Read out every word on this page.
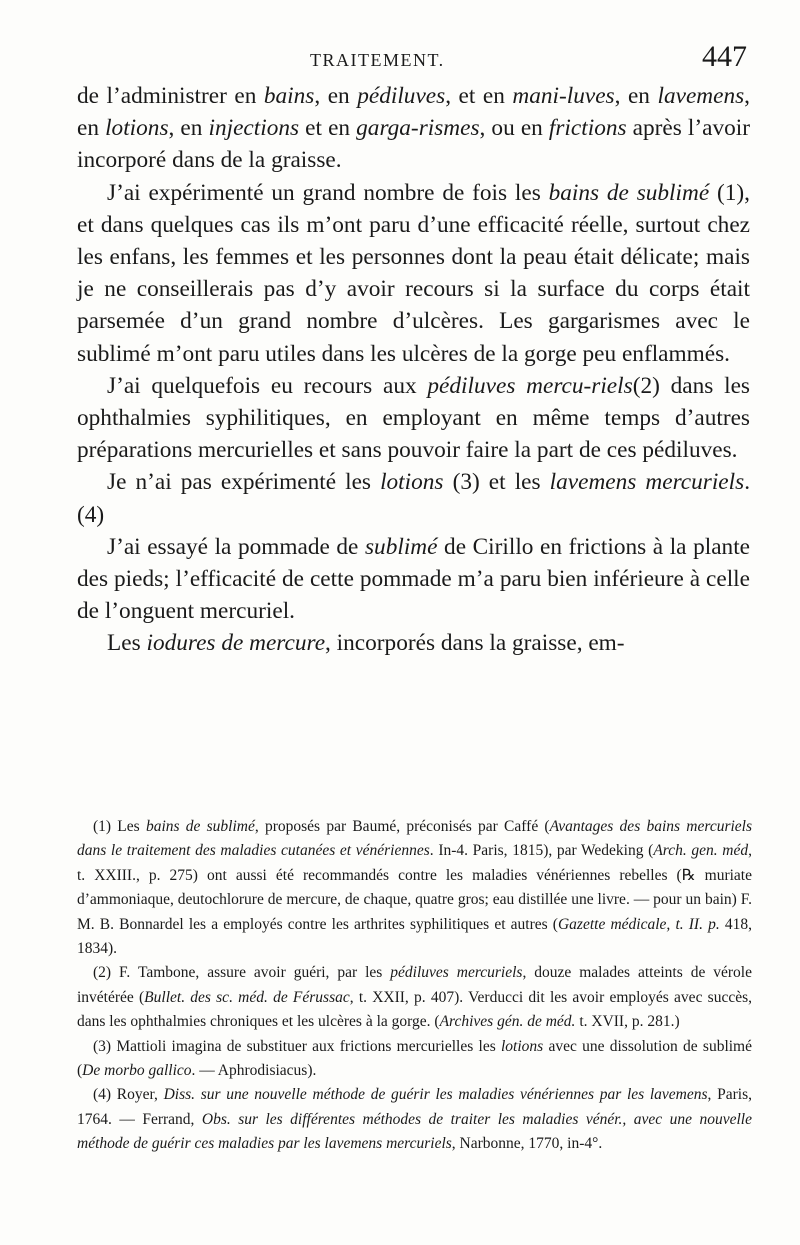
TRAITEMENT.	447

de l’administrer en bains, en pédiluves, et en mani-luves, en lavemens, en lotions, en injections et en garga-rismes, ou en frictions après l’avoir incorporé dans de la graisse.

J’ai expérimenté un grand nombre de fois les bains de sublimé (1), et dans quelques cas ils m’ont paru d’une efficacité réelle, surtout chez les enfans, les femmes et les personnes dont la peau était délicate; mais je ne conseillerais pas d’y avoir recours si la surface du corps était parsemée d’un grand nombre d’ulcères. Les gargarismes avec le sublimé m’ont paru utiles dans les ulcères de la gorge peu enflammés.

J’ai quelquefois eu recours aux pédiluves mercu-riels(2) dans les ophthalmies syphilitiques, en employant en même temps d’autres préparations mercurielles et sans pouvoir faire la part de ces pédiluves.

Je n’ai pas expérimenté les lotions (3) et les lavemens mercuriels. (4)

J’ai essayé la pommade de sublimé de Cirillo en frictions à la plante des pieds; l’efficacité de cette pommade m’a paru bien inférieure à celle de l’onguent mercuriel.

Les iodures de mercure, incorporés dans la graisse, em-

(1) Les bains de sublimé, proposés par Baumé, préconisés par Caffé (Avantages des bains mercuriels dans le traitement des maladies cutanées et vénériennes. In-4. Paris, 1815), par Wedeking (Arch. gen. méd, t. XXIII., p. 275) ont aussi été recommandés contre les maladies vénériennes rebelles (℞ muriate d’ammoniaque, deutochlorure de mercure, de chaque, quatre gros; eau distillée une livre. — pour un bain) F. M. B. Bonnardel les a employés contre les arthrites syphilitiques et autres (Gazette médicale, t. II. p. 418, 1834).

(2) F. Tambone, assure avoir guéri, par les pédiluves mercuriels, douze malades atteints de vérole invétérée (Bullet. des sc. méd. de Férussac, t. XXII, p. 407). Verducci dit les avoir employés avec succès, dans les ophthalmies chroniques et les ulcères à la gorge. (Archives gén. de méd. t. XVII, p. 281.)

(3) Mattioli imagina de substituer aux frictions mercurielles les lotions avec une dissolution de sublimé (De morbo gallico. — Aphrodisiacus).

(4) Royer, Diss. sur une nouvelle méthode de guérir les maladies vénériennes par les lavemens, Paris, 1764. — Ferrand, Obs. sur les différentes méthodes de traiter les maladies vénér., avec une nouvelle méthode de guérir ces maladies par les lavemens mercuriels, Narbonne, 1770, in-4°.
